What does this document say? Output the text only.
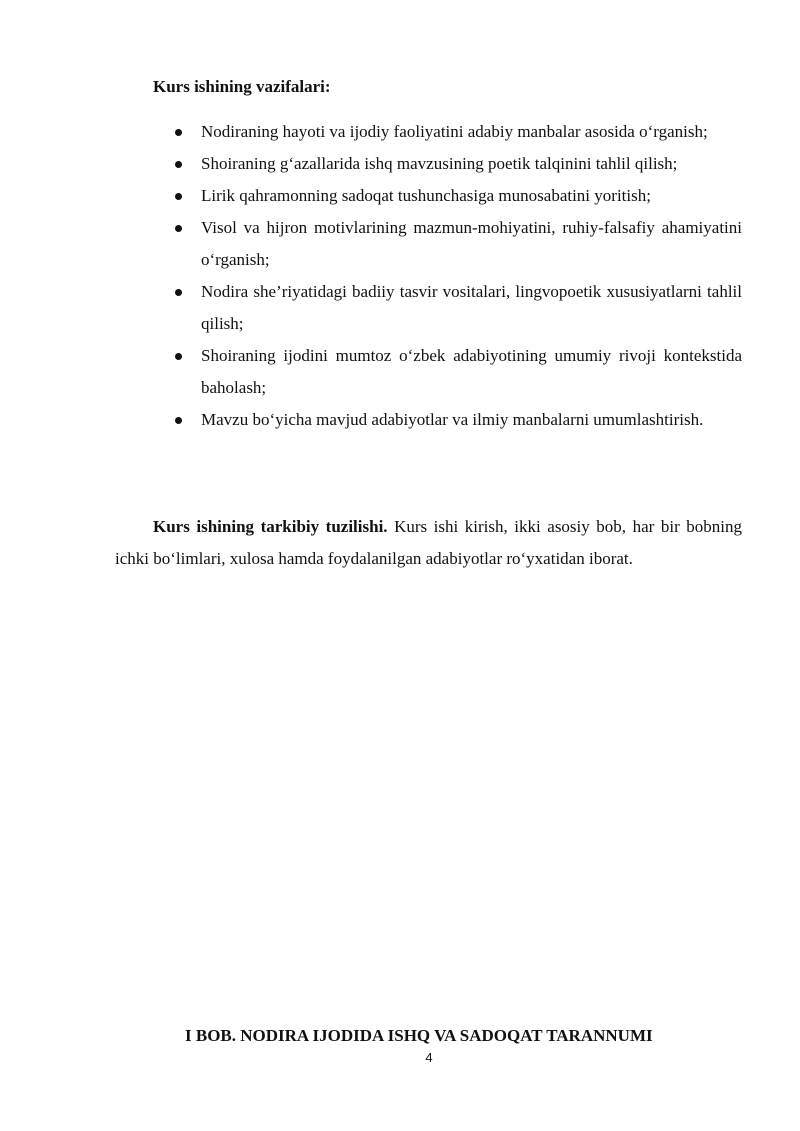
Kurs ishining vazifalari:

Nodiraning hayoti va ijodiy faoliyatini adabiy manbalar asosida o‘rganish;
Shoiraning g‘azallarida ishq mavzusining poetik talqinini tahlil qilish;
Lirik qahramonning sadoqat tushunchasiga munosabatini yoritish;
Visol va hijron motivlarining mazmun-mohiyatini, ruhiy-falsafiy ahamiyatini o‘rganish;
Nodira she’riyatidagi badiiy tasvir vositalari, lingvopoetik xususiyatlarni tahlil qilish;
Shoiraning ijodini mumtoz o‘zbek adabiyotining umumiy rivoji kontekstida baholash;
Mavzu bo‘yicha mavjud adabiyotlar va ilmiy manbalarni umumlashtirish.

Kurs ishining tarkibiy tuzilishi. Kurs ishi kirish, ikki asosiy bob, har bir bobning ichki bo‘limlari, xulosa hamda foydalanilgan adabiyotlar ro‘yxatidan iborat.

I BOB. NODIRA IJODIDA ISHQ VA SADOQAT TARANNUMI

4
